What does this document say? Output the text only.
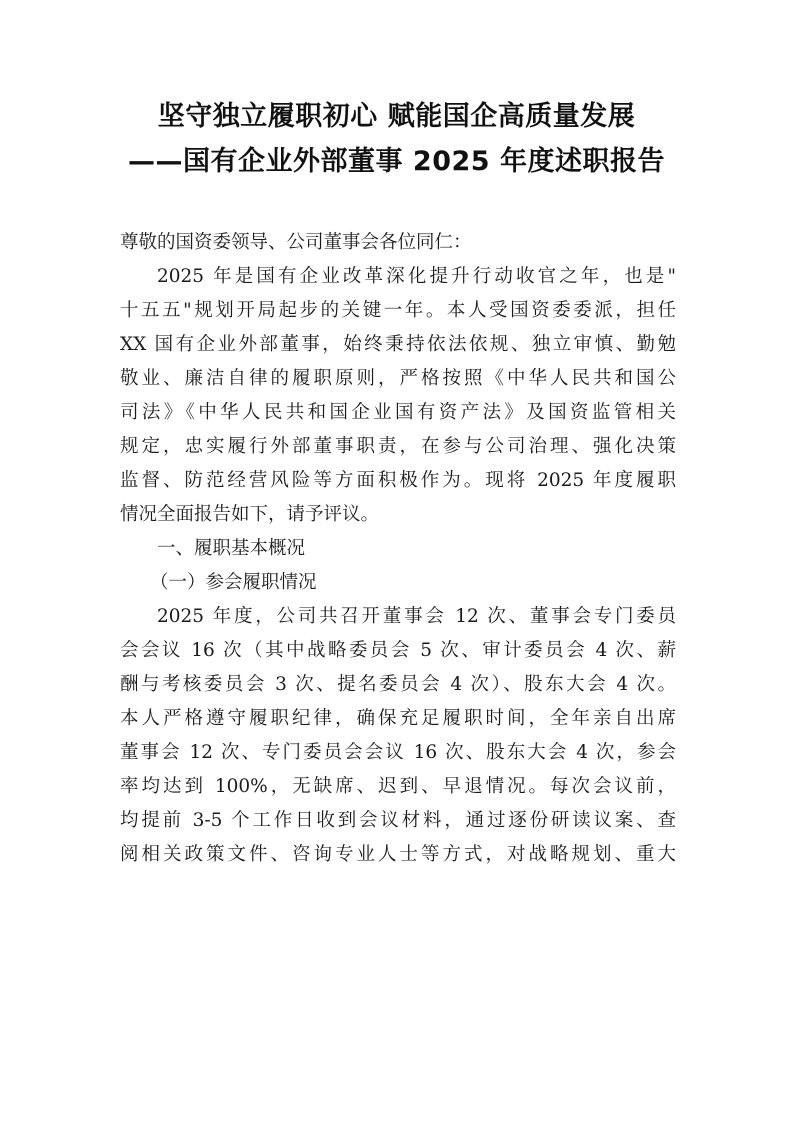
坚守独立履职初心 赋能国企高质量发展
——国有企业外部董事 2025 年度述职报告
尊敬的国资委领导、公司董事会各位同仁：
2025 年是国有企业改革深化提升行动收官之年，也是"
十五五"规划开局起步的关键一年。本人受国资委委派，担任
XX 国有企业外部董事，始终秉持依法依规、独立审慎、勤勉
敬业、廉洁自律的履职原则，严格按照《中华人民共和国公
司法》《中华人民共和国企业国有资产法》及国资监管相关
规定，忠实履行外部董事职责，在参与公司治理、强化决策
监督、防范经营风险等方面积极作为。现将 2025 年度履职
情况全面报告如下，请予评议。
一、履职基本概况
（一）参会履职情况
2025 年度，公司共召开董事会 12 次、董事会专门委员
会会议 16 次（其中战略委员会 5 次、审计委员会 4 次、薪
酬与考核委员会 3 次、提名委员会 4 次）、股东大会 4 次。
本人严格遵守履职纪律，确保充足履职时间，全年亲自出席
董事会 12 次、专门委员会会议 16 次、股东大会 4 次，参会
率均达到 100%，无缺席、迟到、早退情况。每次会议前，
均提前 3-5 个工作日收到会议材料，通过逐份研读议案、查
阅相关政策文件、咨询专业人士等方式，对战略规划、重大
